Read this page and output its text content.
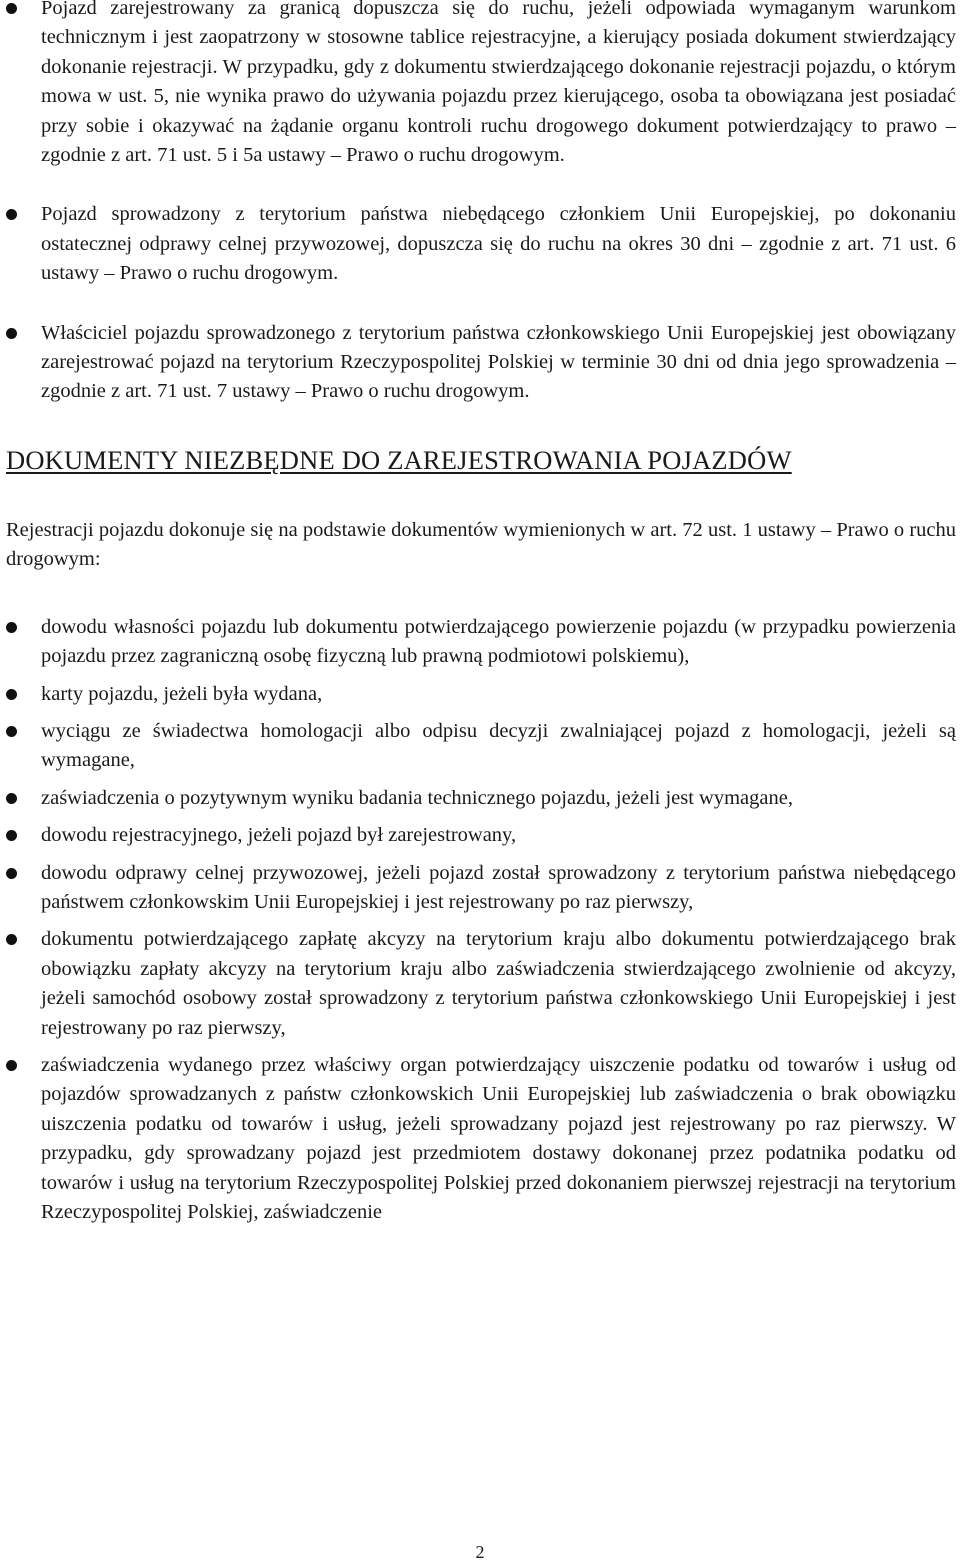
Pojazd zarejestrowany za granicą dopuszcza się do ruchu, jeżeli odpowiada wymaganym warunkom technicznym i jest zaopatrzony w stosowne tablice rejestracyjne, a kierujący posiada dokument stwierdzający dokonanie rejestracji. W przypadku, gdy z dokumentu stwierdzającego dokonanie rejestracji pojazdu, o którym mowa w ust. 5, nie wynika prawo do używania pojazdu przez kierującego, osoba ta obowiązana jest posiadać przy sobie i okazywać na żądanie organu kontroli ruchu drogowego dokument potwierdzający to prawo – zgodnie z art. 71 ust. 5 i 5a ustawy – Prawo o ruchu drogowym.
Pojazd sprowadzony z terytorium państwa niebędącego członkiem Unii Europejskiej, po dokonaniu ostatecznej odprawy celnej przywozowej, dopuszcza się do ruchu na okres 30 dni – zgodnie z art. 71 ust. 6 ustawy – Prawo o ruchu drogowym.
Właściciel pojazdu sprowadzonego z terytorium państwa członkowskiego Unii Europejskiej jest obowiązany zarejestrować pojazd na terytorium Rzeczypospolitej Polskiej w terminie 30 dni od dnia jego sprowadzenia – zgodnie z art. 71 ust. 7 ustawy – Prawo o ruchu drogowym.
DOKUMENTY NIEZBĘDNE DO ZAREJESTROWANIA POJAZDÓW

Rejestracji pojazdu dokonuje się na podstawie dokumentów wymienionych w art. 72 ust. 1 ustawy – Prawo o ruchu drogowym:

dowodu własności pojazdu lub dokumentu potwierdzającego powierzenie pojazdu (w przypadku powierzenia pojazdu przez zagraniczną osobę fizyczną lub prawną podmiotowi polskiemu),
karty pojazdu, jeżeli była wydana,
wyciągu ze świadectwa homologacji albo odpisu decyzji zwalniającej pojazd z homologacji, jeżeli są wymagane,
zaświadczenia o pozytywnym wyniku badania technicznego pojazdu, jeżeli jest wymagane,
dowodu rejestracyjnego, jeżeli pojazd był zarejestrowany,
dowodu odprawy celnej przywozowej, jeżeli pojazd został sprowadzony z terytorium państwa niebędącego państwem członkowskim Unii Europejskiej i jest rejestrowany po raz pierwszy,
dokumentu potwierdzającego zapłatę akcyzy na terytorium kraju albo dokumentu potwierdzającego brak obowiązku zapłaty akcyzy na terytorium kraju albo zaświadczenia stwierdzającego zwolnienie od akcyzy, jeżeli samochód osobowy został sprowadzony z terytorium państwa członkowskiego Unii Europejskiej i jest rejestrowany po raz pierwszy,
zaświadczenia wydanego przez właściwy organ potwierdzający uiszczenie podatku od towarów i usług od pojazdów sprowadzanych z państw członkowskich Unii Europejskiej lub zaświadczenia o brak obowiązku uiszczenia podatku od towarów i usług, jeżeli sprowadzany pojazd jest rejestrowany po raz pierwszy. W przypadku, gdy sprowadzany pojazd jest przedmiotem dostawy dokonanej przez podatnika podatku od towarów i usług na terytorium Rzeczypospolitej Polskiej przed dokonaniem pierwszej rejestracji na terytorium Rzeczypospolitej Polskiej, zaświadczenie
2
